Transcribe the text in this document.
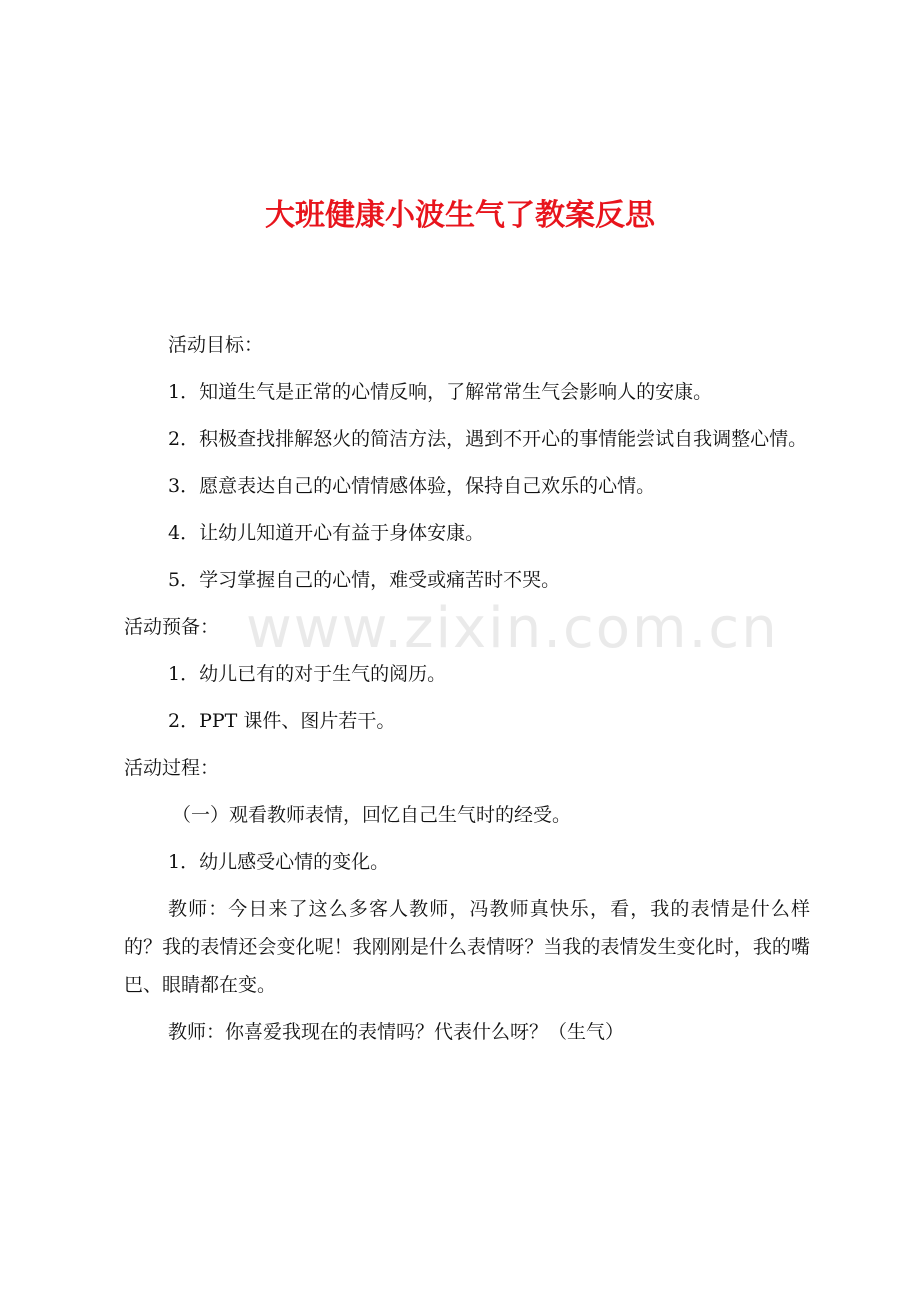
大班健康小波生气了教案反思
www.zixin.com.cn

活动目标：

1．知道生气是正常的心情反响，了解常常生气会影响人的安康。

2．积极查找排解怒火的简洁方法，遇到不开心的事情能尝试自我调整心情。

3．愿意表达自己的心情情感体验，保持自己欢乐的心情。

4．让幼儿知道开心有益于身体安康。

5．学习掌握自己的心情，难受或痛苦时不哭。

活动预备：

1．幼儿已有的对于生气的阅历。

2．PPT 课件、图片若干。

活动过程：

（一）观看教师表情，回忆自己生气时的经受。

1．幼儿感受心情的变化。

教师：今日来了这么多客人教师，冯教师真快乐，看，我的表情是什么样的？我的表情还会变化呢！我刚刚是什么表情呀？当我的表情发生变化时，我的嘴巴、眼睛都在变。

教师：你喜爱我现在的表情吗？代表什么呀？（生气）
